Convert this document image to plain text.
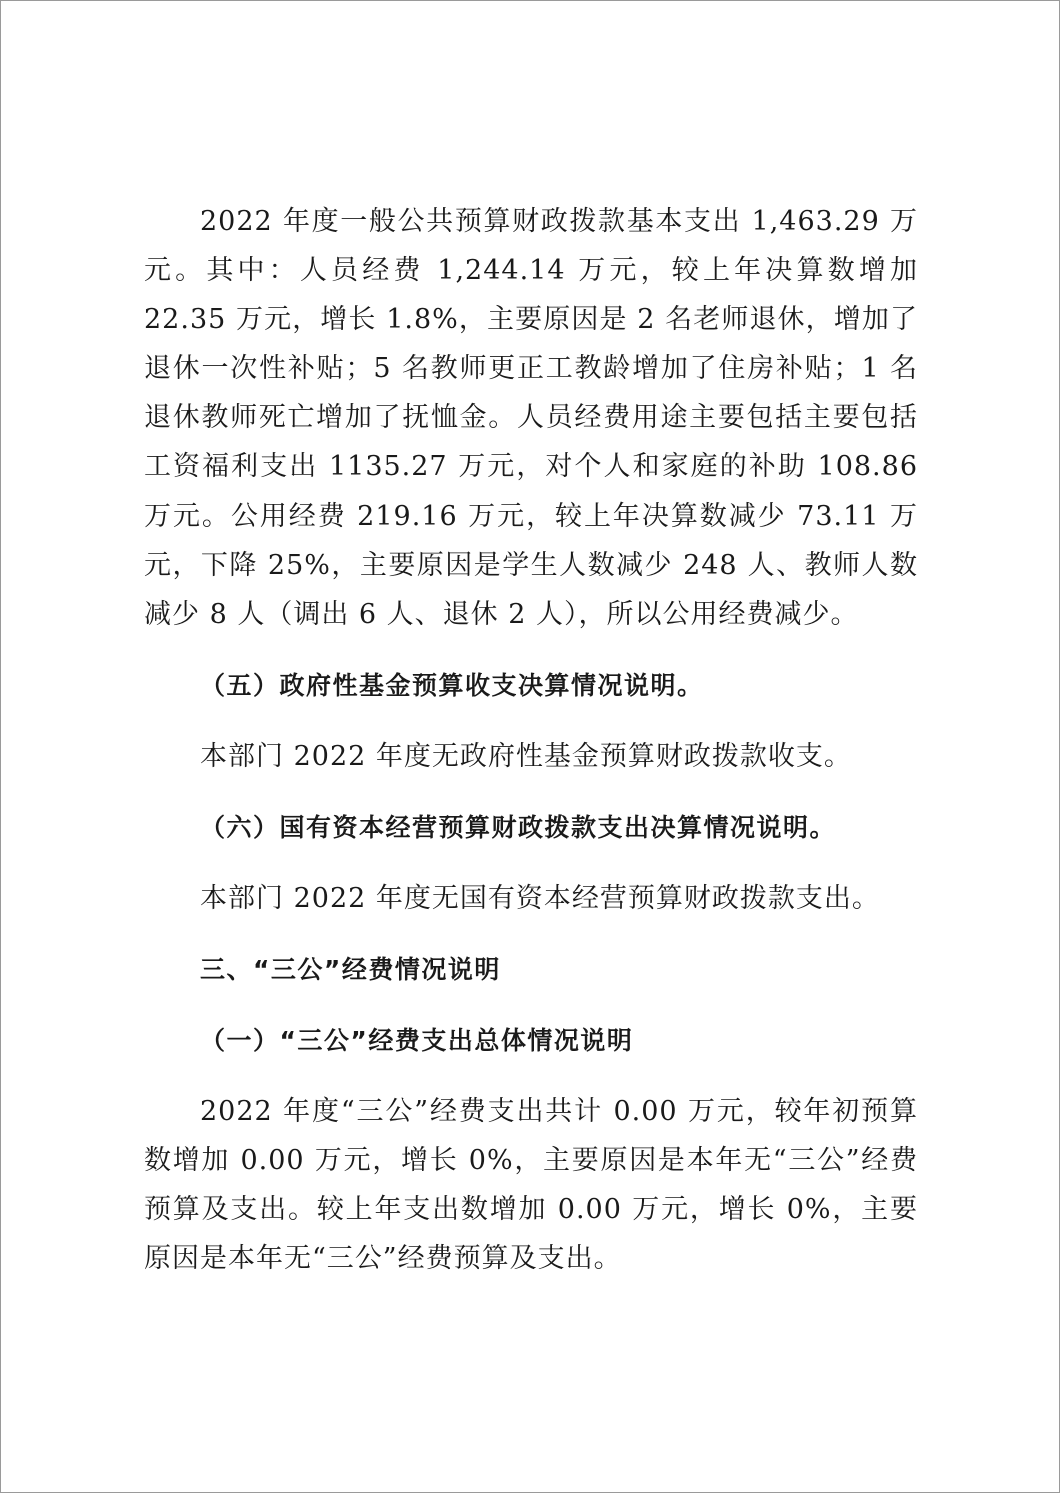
2022 年度一般公共预算财政拨款基本支出 1,463.29 万元。其中：人员经费 1,244.14 万元，较上年决算数增加 22.35 万元，增长 1.8%，主要原因是 2 名老师退休，增加了退休一次性补贴；5 名教师更正工教龄增加了住房补贴；1 名退休教师死亡增加了抚恤金。人员经费用途主要包括主要包括工资福利支出 1135.27 万元，对个人和家庭的补助 108.86 万元。公用经费 219.16 万元，较上年决算数减少 73.11 万元，下降 25%，主要原因是学生人数减少 248 人、教师人数减少 8 人（调出 6 人、退休 2 人），所以公用经费减少。

（五）政府性基金预算收支决算情况说明。

本部门 2022 年度无政府性基金预算财政拨款收支。

（六）国有资本经营预算财政拨款支出决算情况说明。

本部门 2022 年度无国有资本经营预算财政拨款支出。

三、“三公”经费情况说明

（一）“三公”经费支出总体情况说明

2022 年度“三公”经费支出共计 0.00 万元，较年初预算数增加 0.00 万元，增长 0%，主要原因是本年无“三公”经费预算及支出。较上年支出数增加 0.00 万元，增长 0%，主要原因是本年无“三公”经费预算及支出。
